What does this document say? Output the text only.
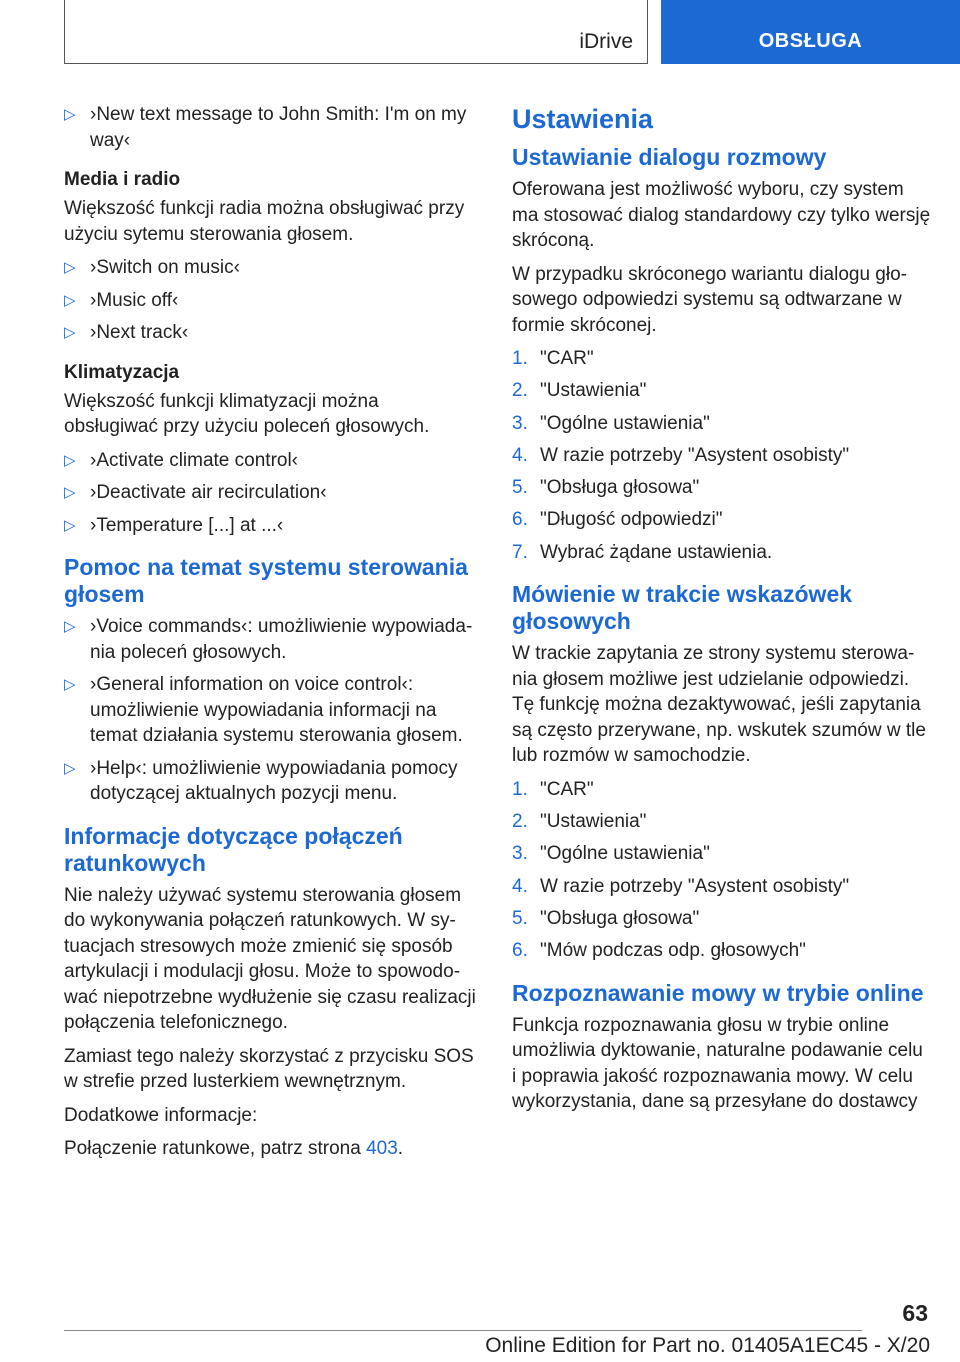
iDrive	OBSŁUGA
▷ ›New text message to John Smith: I'm on my way‹
Media i radio

Większość funkcji radia można obsługiwać przy użyciu sytemu sterowania głosem.

▷ ›Switch on music‹
▷ ›Music off‹
▷ ›Next track‹
Klimatyzacja

Większość funkcji klimatyzacji można obsługiwać przy użyciu poleceń głosowych.

▷ ›Activate climate control‹
▷ ›Deactivate air recirculation‹
▷ ›Temperature [...] at ...‹
Pomoc na temat systemu sterowania głosem
▷ ›Voice commands‹: umożliwienie wypowiadania poleceń głosowych.
▷ ›General information on voice control‹: umożliwienie wypowiadania informacji na temat działania systemu sterowania głosem.
▷ ›Help‹: umożliwienie wypowiadania pomocy dotyczącej aktualnych pozycji menu.
Informacje dotyczące połączeń ratunkowych

Nie należy używać systemu sterowania głosem do wykonywania połączeń ratunkowych. W sytuacjach stresowych może zmienić się sposób artykulacji i modulacji głosu. Może to spowodować niepotrzebne wydłużenie się czasu realizacji połączenia telefonicznego.

Zamiast tego należy skorzystać z przycisku SOS w strefie przed lusterkiem wewnętrznym.

Dodatkowe informacje:

Połączenie ratunkowe, patrz strona 403.

Ustawienia
Ustawianie dialogu rozmowy

Oferowana jest możliwość wyboru, czy system ma stosować dialog standardowy czy tylko wersję skróconą.

W przypadku skróconego wariantu dialogu głosowego odpowiedzi systemu są odtwarzane w formie skróconej.

1. "CAR"
2. "Ustawienia"
3. "Ogólne ustawienia"
4. W razie potrzeby "Asystent osobisty"
5. "Obsługa głosowa"
6. "Długość odpowiedzi"
7. Wybrać żądane ustawienia.
Mówienie w trakcie wskazówek głosowych

W trackie zapytania ze strony systemu sterowania głosem możliwe jest udzielanie odpowiedzi. Tę funkcję można dezaktywować, jeśli zapytania są często przerywane, np. wskutek szumów w tle lub rozmów w samochodzie.

1. "CAR"
2. "Ustawienia"
3. "Ogólne ustawienia"
4. W razie potrzeby "Asystent osobisty"
5. "Obsługa głosowa"
6. "Mów podczas odp. głosowych"
Rozpoznawanie mowy w trybie online

Funkcja rozpoznawania głosu w trybie online umożliwia dyktowanie, naturalne podawanie celu i poprawia jakość rozpoznawania mowy. W celu wykorzystania, dane są przesyłane do dostawcy

63
Online Edition for Part no. 01405A1EC45 - X/20
